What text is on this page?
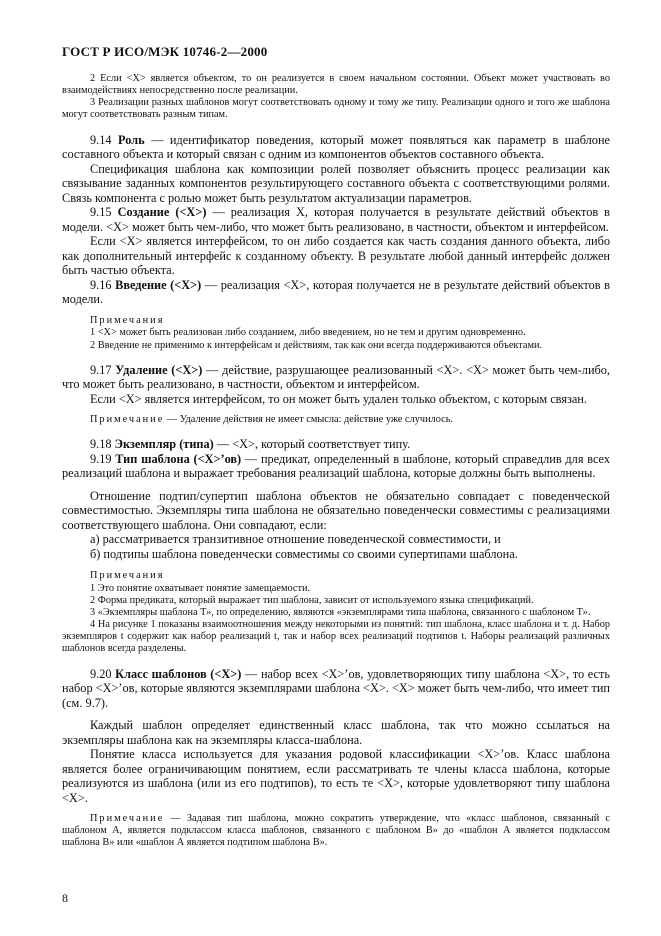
ГОСТ Р ИСО/МЭК 10746-2—2000

2 Если <X> является объектом, то он реализуется в своем начальном состоянии. Объект может участвовать во взаимодействиях непосредственно после реализации.

3 Реализации разных шаблонов могут соответствовать одному и тому же типу. Реализации одного и того же шаблона могут соответствовать разным типам.

9.14 Роль — идентификатор поведения, который может появляться как параметр в шаблоне составного объекта и который связан с одним из компонентов объектов составного объекта.

Спецификация шаблона как композиции ролей позволяет объяснить процесс реализации как связывание заданных компонентов результирующего составного объекта с соответствующими ролями. Связь компонента с ролью может быть результатом актуализации параметров.

9.15 Создание (<X>) — реализация X, которая получается в результате действий объектов в модели. <X> может быть чем-либо, что может быть реализовано, в частности, объектом и интерфейсом.

Если <X> является интерфейсом, то он либо создается как часть создания данного объекта, либо как дополнительный интерфейс к созданному объекту. В результате любой данный интерфейс должен быть частью объекта.

9.16 Введение (<X>) — реализация <X>, которая получается не в результате действий объектов в модели.

Примечания

1 <X> может быть реализован либо созданием, либо введением, но не тем и другим одновременно.

2 Введение не применимо к интерфейсам и действиям, так как они всегда поддерживаются объектами.

9.17 Удаление (<X>) — действие, разрушающее реализованный <X>. <X> может быть чем-либо, что может быть реализовано, в частности, объектом и интерфейсом.

Если <X> является интерфейсом, то он может быть удален только объектом, с которым связан.

Примечание — Удаление действия не имеет смысла: действие уже случилось.

9.18 Экземпляр (типа) — <X>, который соответствует типу.

9.19 Тип шаблона (<X>’ов) — предикат, определенный в шаблоне, который справедлив для всех реализаций шаблона и выражает требования реализаций шаблона, которые должны быть выполнены.

Отношение подтип/супертип шаблона объектов не обязательно совпадает с поведенческой совместимостью. Экземпляры типа шаблона не обязательно поведенчески совместимы с реализациями соответствующего шаблона. Они совпадают, если:

а) рассматривается транзитивное отношение поведенческой совместимости, и

б) подтипы шаблона поведенчески совместимы со своими супертипами шаблона.

Примечания

1 Это понятие охватывает понятие замещаемости.

2 Форма предиката, который выражает тип шаблона, зависит от используемого языка спецификаций.

3 «Экземпляры шаблона Т», по определению, являются «экземплярами типа шаблона, связанного с шаблоном Т».

4 На рисунке 1 показаны взаимоотношения между некоторыми из понятий: тип шаблона, класс шаблона и т. д. Набор экземпляров t содержит как набор реализаций t, так и набор всех реализаций подтипов t. Наборы реализаций различных шаблонов всегда разделены.

9.20 Класс шаблонов (<X>) — набор всех <X>’ов, удовлетворяющих типу шаблона <X>, то есть набор <X>’ов, которые являются экземплярами шаблона <X>. <X> может быть чем-либо, что имеет тип (см. 9.7).

Каждый шаблон определяет единственный класс шаблона, так что можно ссылаться на экземпляры шаблона как на экземпляры класса-шаблона.

Понятие класса используется для указания родовой классификации <X>’ов. Класс шаблона является более ограничивающим понятием, если рассматривать те члены класса шаблона, которые реализуются из шаблона (или из его подтипов), то есть те <X>, которые удовлетворяют типу шаблона <X>.

Примечание — Задавая тип шаблона, можно сократить утверждение, что «класс шаблонов, связанный с шаблоном А, является подклассом класса шаблонов, связанного с шаблоном В» до «шаблон А является подклассом шаблона В» или «шаблон А является подтипом шаблона В».

8
